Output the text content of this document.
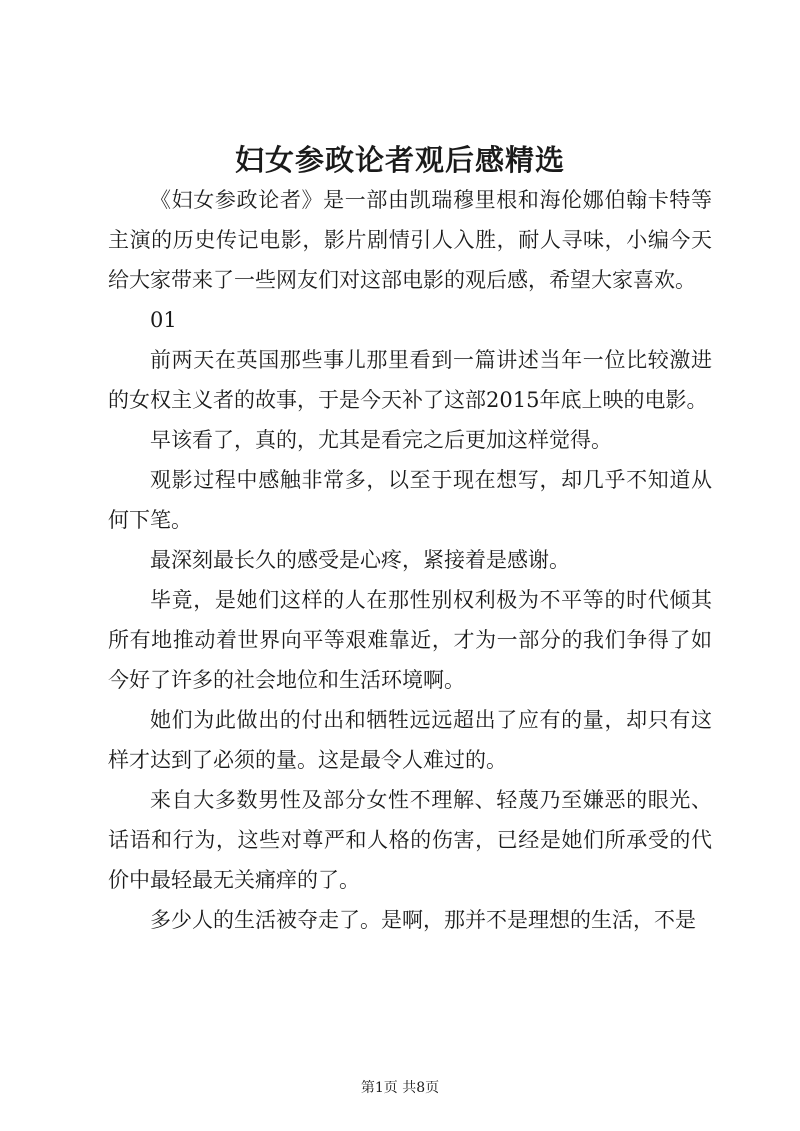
妇女参政论者观后感精选

《妇女参政论者》是一部由凯瑞穆里根和海伦娜伯翰卡特等主演的历史传记电影，影片剧情引人入胜，耐人寻味，小编今天给大家带来了一些网友们对这部电影的观后感，希望大家喜欢。

01

前两天在英国那些事儿那里看到一篇讲述当年一位比较激进的女权主义者的故事，于是今天补了这部2015年底上映的电影。

早该看了，真的，尤其是看完之后更加这样觉得。

观影过程中感触非常多，以至于现在想写，却几乎不知道从何下笔。

最深刻最长久的感受是心疼，紧接着是感谢。

毕竟，是她们这样的人在那性别权利极为不平等的时代倾其所有地推动着世界向平等艰难靠近，才为一部分的我们争得了如今好了许多的社会地位和生活环境啊。

她们为此做出的付出和牺牲远远超出了应有的量，却只有这样才达到了必须的量。这是最令人难过的。

来自大多数男性及部分女性不理解、轻蔑乃至嫌恶的眼光、话语和行为，这些对尊严和人格的伤害，已经是她们所承受的代价中最轻最无关痛痒的了。

多少人的生活被夺走了。是啊，那并不是理想的生活，不是

第1页 共8页
